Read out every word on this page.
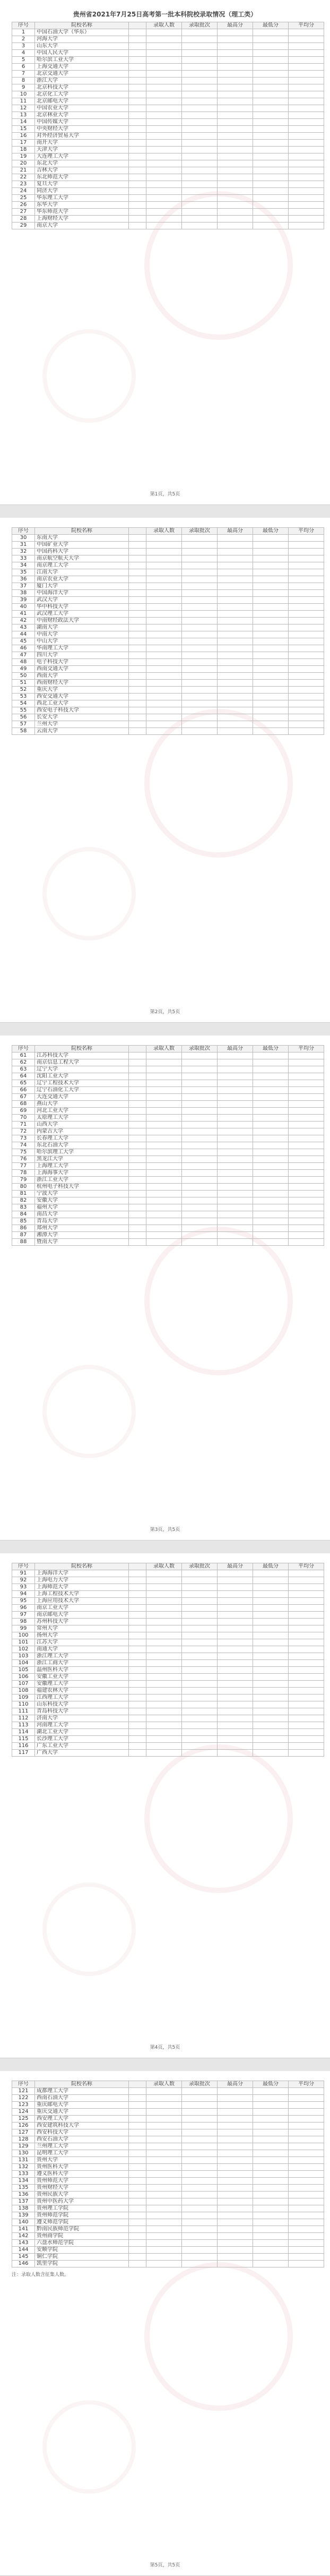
贵州省2021年7月25日高考第一批本科院校录取情况（理工类）
序号	院校名称		录取人数	录取批次	最高分	最低分	平均分
1	中国石油大学（华东）						
2	河海大学						
3	山东大学						
4	中国人民大学						
5	哈尔滨工业大学						
6	上海交通大学						
7	北京交通大学						
8	浙江大学						
9	北京科技大学						
10	北京化工大学						
11	北京邮电大学						
12	中国农业大学						
13	北京林业大学						
14	中国传媒大学						
15	中央财经大学						
16	对外经济贸易大学						
17	南开大学						
18	天津大学						
19	大连理工大学						
20	东北大学						
21	吉林大学						
22	东北师范大学						
23	复旦大学						
24	同济大学						
25	华东理工大学						
26	东华大学						
27	华东师范大学						
28	上海财经大学						
29	南京大学						
第1页，共5页
序号	院校名称		录取人数	录取批次	最高分	最低分	平均分
30	东南大学						
31	中国矿业大学						
32	中国药科大学						
33	南京航空航天大学						
34	南京理工大学						
35	江南大学						
36	南京农业大学						
37	厦门大学						
38	中国海洋大学						
39	武汉大学						
40	华中科技大学						
41	武汉理工大学						
42	中南财经政法大学						
43	湖南大学						
44	中南大学						
45	中山大学						
46	华南理工大学						
47	四川大学						
48	电子科技大学						
49	西南交通大学						
50	西南大学						
51	西南财经大学						
52	重庆大学						
53	西安交通大学						
54	西北工业大学						
55	西安电子科技大学						
56	长安大学						
57	兰州大学						
58	云南大学						
第2页，共5页
序号	院校名称		录取人数	录取批次	最高分	最低分	平均分
61	江苏科技大学						
62	南京信息工程大学						
63	辽宁大学						
64	沈阳工业大学						
65	辽宁工程技术大学						
66	辽宁石油化工大学						
67	大连交通大学						
68	燕山大学						
69	河北工业大学						
70	太原理工大学						
71	山西大学						
72	内蒙古大学						
73	长春理工大学						
74	东北石油大学						
75	哈尔滨理工大学						
76	黑龙江大学						
77	上海理工大学						
78	上海海事大学						
79	浙江工业大学						
80	杭州电子科技大学						
81	宁波大学						
82	安徽大学						
83	福州大学						
84	南昌大学						
85	青岛大学						
86	郑州大学						
87	湘潭大学						
88	暨南大学						
第3页，共5页
序号	院校名称		录取人数	录取批次	最高分	最低分	平均分
91	上海海洋大学						
92	上海电力大学						
93	上海师范大学						
94	上海工程技术大学						
95	上海应用技术大学						
96	南京工业大学						
97	南京邮电大学						
98	苏州科技大学						
99	常州大学						
100	扬州大学						
101	江苏大学						
102	南通大学						
103	浙江理工大学						
104	浙江工商大学						
105	温州医科大学						
106	安徽工业大学						
107	安徽理工大学						
108	福建农林大学						
109	江西理工大学						
110	山东科技大学						
111	青岛科技大学						
112	济南大学						
113	河南理工大学						
114	湖北工业大学						
115	长沙理工大学						
116	广东工业大学						
117	广西大学						
第4页，共5页
序号	院校名称		录取人数	录取批次	最高分	最低分	平均分
121	成都理工大学						
122	西南石油大学						
123	重庆邮电大学						
124	重庆交通大学						
125	西安理工大学						
126	西安建筑科技大学						
127	西安科技大学						
128	西安石油大学						
129	兰州理工大学						
130	昆明理工大学						
131	贵州大学						
132	贵州医科大学						
133	遵义医科大学						
134	贵州师范大学						
135	贵州财经大学						
136	贵州民族大学						
137	贵州中医药大学						
138	贵州理工学院						
139	贵州师范学院						
140	遵义师范学院						
141	黔南民族师范学院						
142	贵州商学院						
143	六盘水师范学院						
144	安顺学院						
145	铜仁学院						
146	凯里学院						
注：录取人数含征集人数。
第5页，共5页
